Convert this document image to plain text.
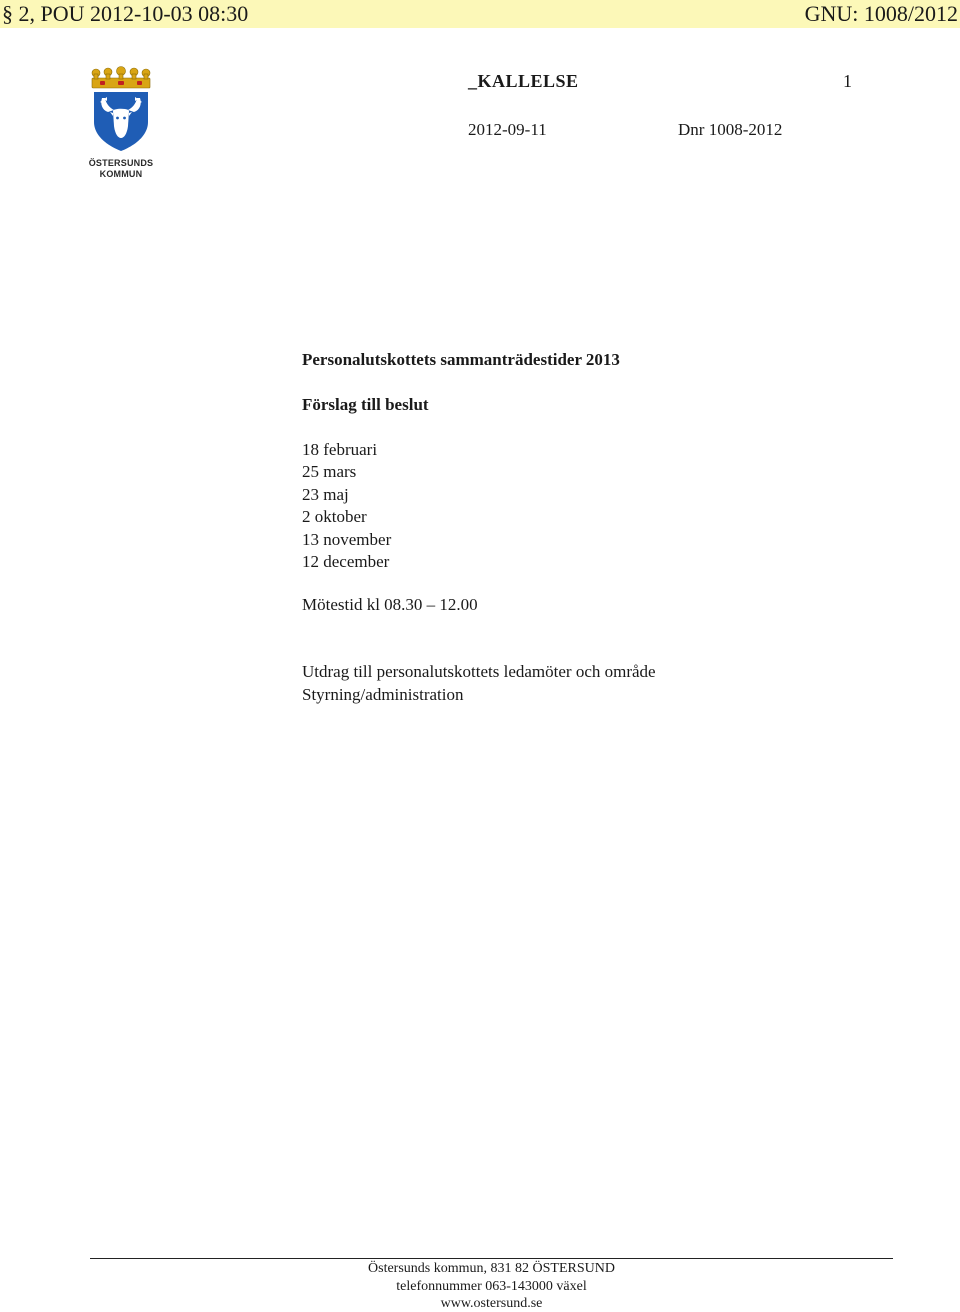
§ 2, POU 2012-10-03 08:30	GNU: 1008/2012
ÖSTERSUNDS
KOMMUN
_KALLELSE	1
2012-09-11	Dnr 1008-2012
Personalutskottets sammanträdestider 2013
Förslag till beslut
18 februari
25 mars
23 maj
2 oktober
13 november
12 december
Mötestid kl 08.30 – 12.00
Utdrag till personalutskottets ledamöter och område Styrning/administration
Östersunds kommun, 831 82 ÖSTERSUND
telefonnummer 063-143000 växel
www.ostersund.se
